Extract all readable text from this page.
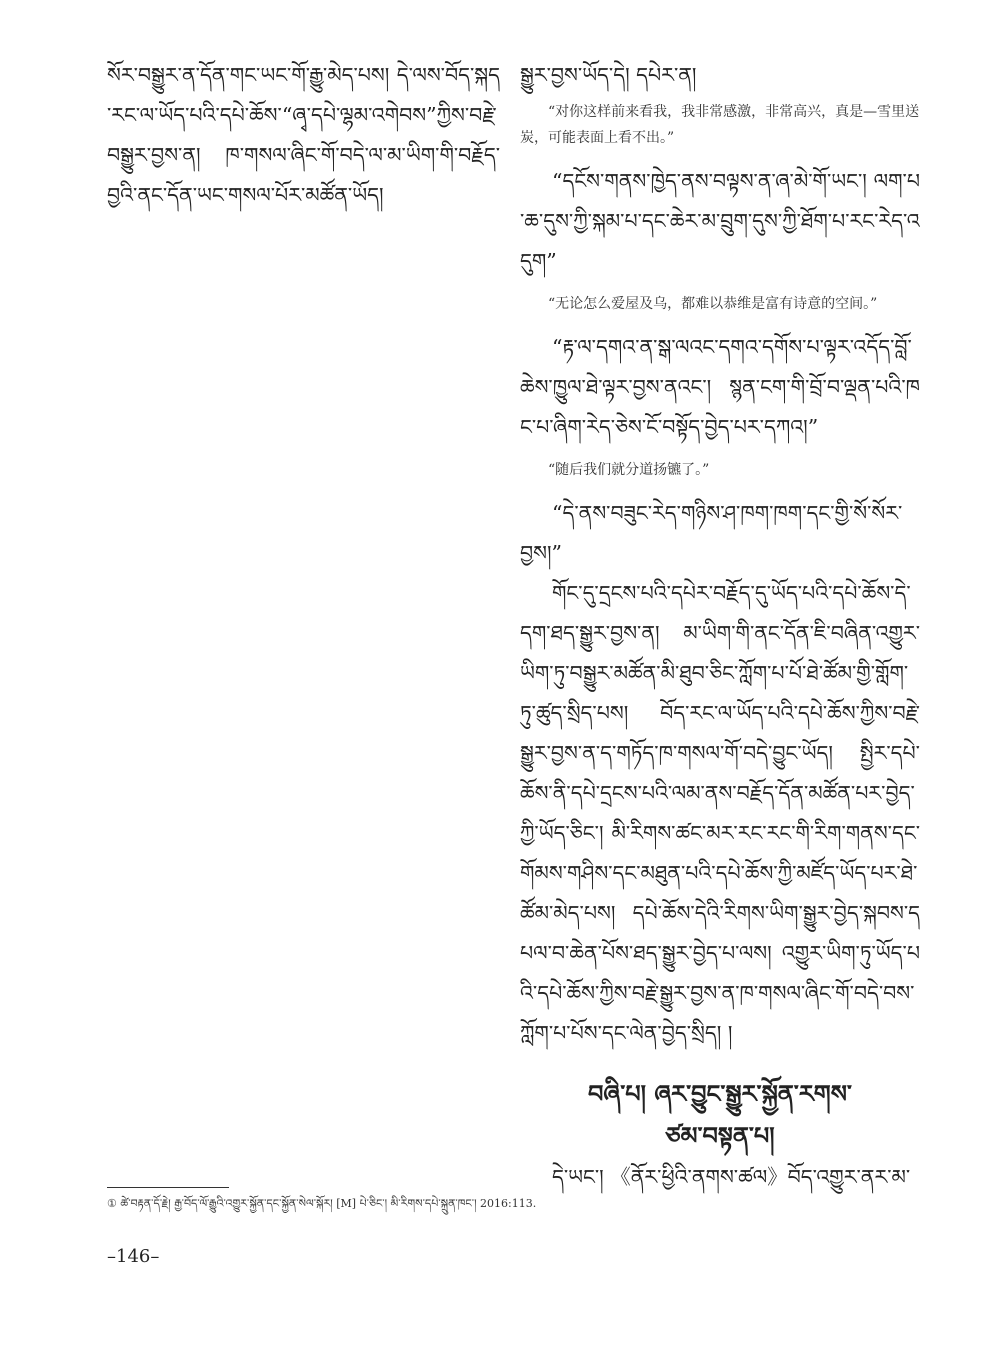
སོར་བསྒྱུར་ན་དོན་གང་ཡང་གོ་རྒྱུ་མེད་པས། དེ་ལས་བོད་སྐད་རང་ལ་ཡོད་པའི་དཔེ་ཆོས་“ཞྭ་དཔེ་ལྷམ་འགེབས”ཀྱིས་བརྗེ་བསྒྱུར་བྱས་ན། ཁ་གསལ་ཞིང་གོ་བདེ་ལ་མ་ཡིག་གི་བརྗོད་བྱའི་ནང་དོན་ཡང་གསལ་པོར་མཚོན་ཡོད།

སྒྱུར་བྱས་ཡོད་དེ། དཔེར་ན།

“对你这样前来看我，我非常感激，非常高兴，真是—雪里送炭，可能表面上看不出。”

“དངོས་གནས་ཁྱེད་ནས་བལྟས་ན་ཞ་མེ་གོ་ཡང་། ལག་པ་ཆ་དུས་ཀྱི་སྐམ་པ་དང་ཆེར་མ་བྲུག་དུས་ཀྱི་ཐོག་པ་རང་རེད་འདུག”

“无论怎么爱屋及乌，都难以恭维是富有诗意的空间。”

“རྟ་ལ་དགའ་ན་སྒ་ལའང་དགའ་དགོས་པ་ལྟར་འདོད་བློ་ཆེས་ཁྱུལ་ཐེ་ལྟར་བྱས་ནའང་། སྙན་ངག་གི་བྲོ་བ་ལྡན་པའི་ཁང་པ་ཞིག་རེད་ཅེས་ངོ་བསྟོད་བྱེད་པར་དཀའ།”

“随后我们就分道扬镳了。”

“དེ་ནས་བཟུང་རེད་གཉིས་ཤ་ཁག་ཁག་དང་གྱི་སོ་སོར་བྱས།”

གོང་དུ་དྲངས་པའི་དཔེར་བརྗོད་དུ་ཡོད་པའི་དཔེ་ཆོས་དེ་དག་ཐད་སྒྱུར་བྱས་ན། མ་ཡིག་གི་ནང་དོན་ཇི་བཞིན་འགྱུར་ཡིག་ཏུ་བསྒྱུར་མཚོན་མི་ཐུབ་ཅིང་ཀློག་པ་པོ་ཐེ་ཚོམ་གྱི་གློག་ཏུ་ཚུད་སྲིད་པས། བོད་རང་ལ་ཡོད་པའི་དཔེ་ཆོས་ཀྱིས་བརྗེ་སྒྱུར་བྱས་ན་ད་གཏོད་ཁ་གསལ་གོ་བདེ་བྱུང་ཡོད། སྤྱིར་དཔེ་ཆོས་ནི་དཔེ་དྲངས་པའི་ལམ་ནས་བརྗོད་དོན་མཚོན་པར་བྱེད་ཀྱི་ཡོད་ཅིང་། མི་རིགས་ཚང་མར་རང་རང་གི་རིག་གནས་དང་གོམས་གཤིས་དང་མཐུན་པའི་དཔེ་ཆོས་ཀྱི་མཛོད་ཡོད་པར་ཐེ་ཚོམ་མེད་པས། དཔེ་ཆོས་དེའི་རིགས་ཡིག་སྒྱུར་བྱེད་སྐབས་དཔལ་བ་ཆེན་པོས་ཐད་སྒྱུར་བྱེད་པ་ལས། འགྱུར་ཡིག་ཏུ་ཡོད་པའི་དཔེ་ཆོས་ཀྱིས་བརྗེ་སྒྱུར་བྱས་ན་ཁ་གསལ་ཞིང་གོ་བདེ་བས་ཀློག་པ་པོས་དང་ལེན་བྱེད་སྲིད། །

བཞི་པ། ཞར་བྱུང་སྒྱུར་སྐྱོན་རགས་
ཙམ་བསྟན་པ།

དེ་ཡང་། 《ནོར་ཕྱིའི་ནགས་ཚལ》བོད་འགྱུར་ནར་མ་

① ཚེ་བརྟན་དོ་རྗེ། རྒྱ་བོད་ལོ་རྒྱུའི་འགྱུར་སྐྱོན་དང་སྐྱོན་སེལ་སྐོར། [M] པེ་ཅིང་། མི་རིགས་དཔེ་སྐྲུན་ཁང་། 2016:113.
–146–
